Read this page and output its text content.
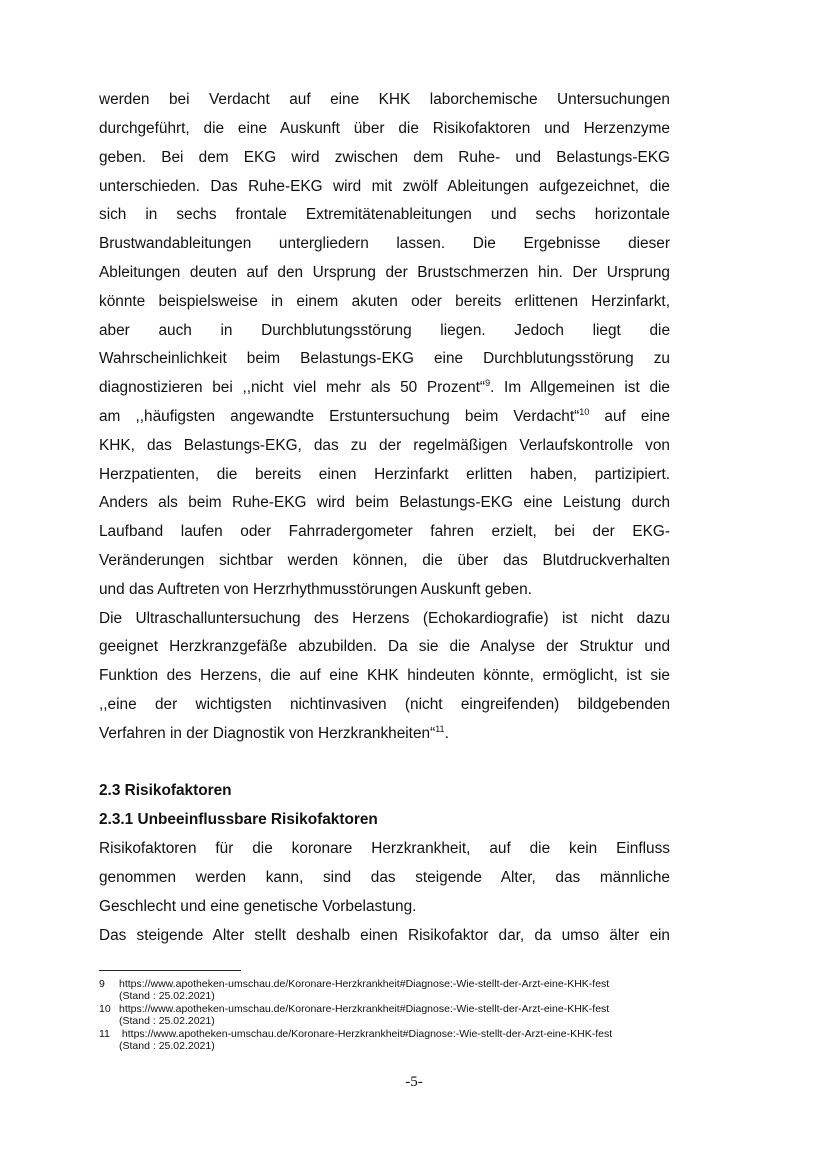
werden bei Verdacht auf eine KHK laborchemische Untersuchungen
durchgeführt, die eine Auskunft über die Risikofaktoren und Herzenzyme
geben. Bei dem EKG wird zwischen dem Ruhe- und Belastungs-EKG
unterschieden. Das Ruhe-EKG wird mit zwölf Ableitungen aufgezeichnet, die
sich in sechs frontale Extremitätenableitungen und sechs horizontale
Brustwandableitungen untergliedern lassen. Die Ergebnisse dieser
Ableitungen deuten auf den Ursprung der Brustschmerzen hin. Der Ursprung
könnte beispielsweise in einem akuten oder bereits erlittenen Herzinfarkt,
aber auch in Durchblutungsstörung liegen. Jedoch liegt die
Wahrscheinlichkeit beim Belastungs-EKG eine Durchblutungsstörung zu
diagnostizieren bei ,,nicht viel mehr als 50 Prozent“$^9$. Im Allgemeinen ist die
am ,,häufigsten angewandte Erstuntersuchung beim Verdacht“$^{10}$ auf eine
KHK, das Belastungs-EKG, das zu der regelmäßigen Verlaufskontrolle von
Herzpatienten, die bereits einen Herzinfarkt erlitten haben, partizipiert.
Anders als beim Ruhe-EKG wird beim Belastungs-EKG eine Leistung durch
Laufband laufen oder Fahrradergometer fahren erzielt, bei der EKG-
Veränderungen sichtbar werden können, die über das Blutdruckverhalten
und das Auftreten von Herzrhythmusstörungen Auskunft geben.
Die Ultraschalluntersuchung des Herzens (Echokardiografie) ist nicht dazu
geeignet Herzkranzgefäße abzubilden. Da sie die Analyse der Struktur und
Funktion des Herzens, die auf eine KHK hindeuten könnte, ermöglicht, ist sie
,,eine der wichtigsten nichtinvasiven (nicht eingreifenden) bildgebenden
Verfahren in der Diagnostik von Herzkrankheiten“$^{11}$.
2.3 Risikofaktoren
2.3.1 Unbeeinflussbare Risikofaktoren
Risikofaktoren für die koronare Herzkrankheit, auf die kein Einfluss
genommen werden kann, sind das steigende Alter, das männliche
Geschlecht und eine genetische Vorbelastung.
Das steigende Alter stellt deshalb einen Risikofaktor dar, da umso älter ein
9 https://www.apotheken-umschau.de/Koronare-Herzkrankheit#Diagnose:-Wie-stellt-der-Arzt-eine-KHK-fest
(Stand : 25.02.2021)
10 https://www.apotheken-umschau.de/Koronare-Herzkrankheit#Diagnose:-Wie-stellt-der-Arzt-eine-KHK-fest
(Stand : 25.02.2021)
11 https://www.apotheken-umschau.de/Koronare-Herzkrankheit#Diagnose:-Wie-stellt-der-Arzt-eine-KHK-fest
(Stand : 25.02.2021)
-5-
